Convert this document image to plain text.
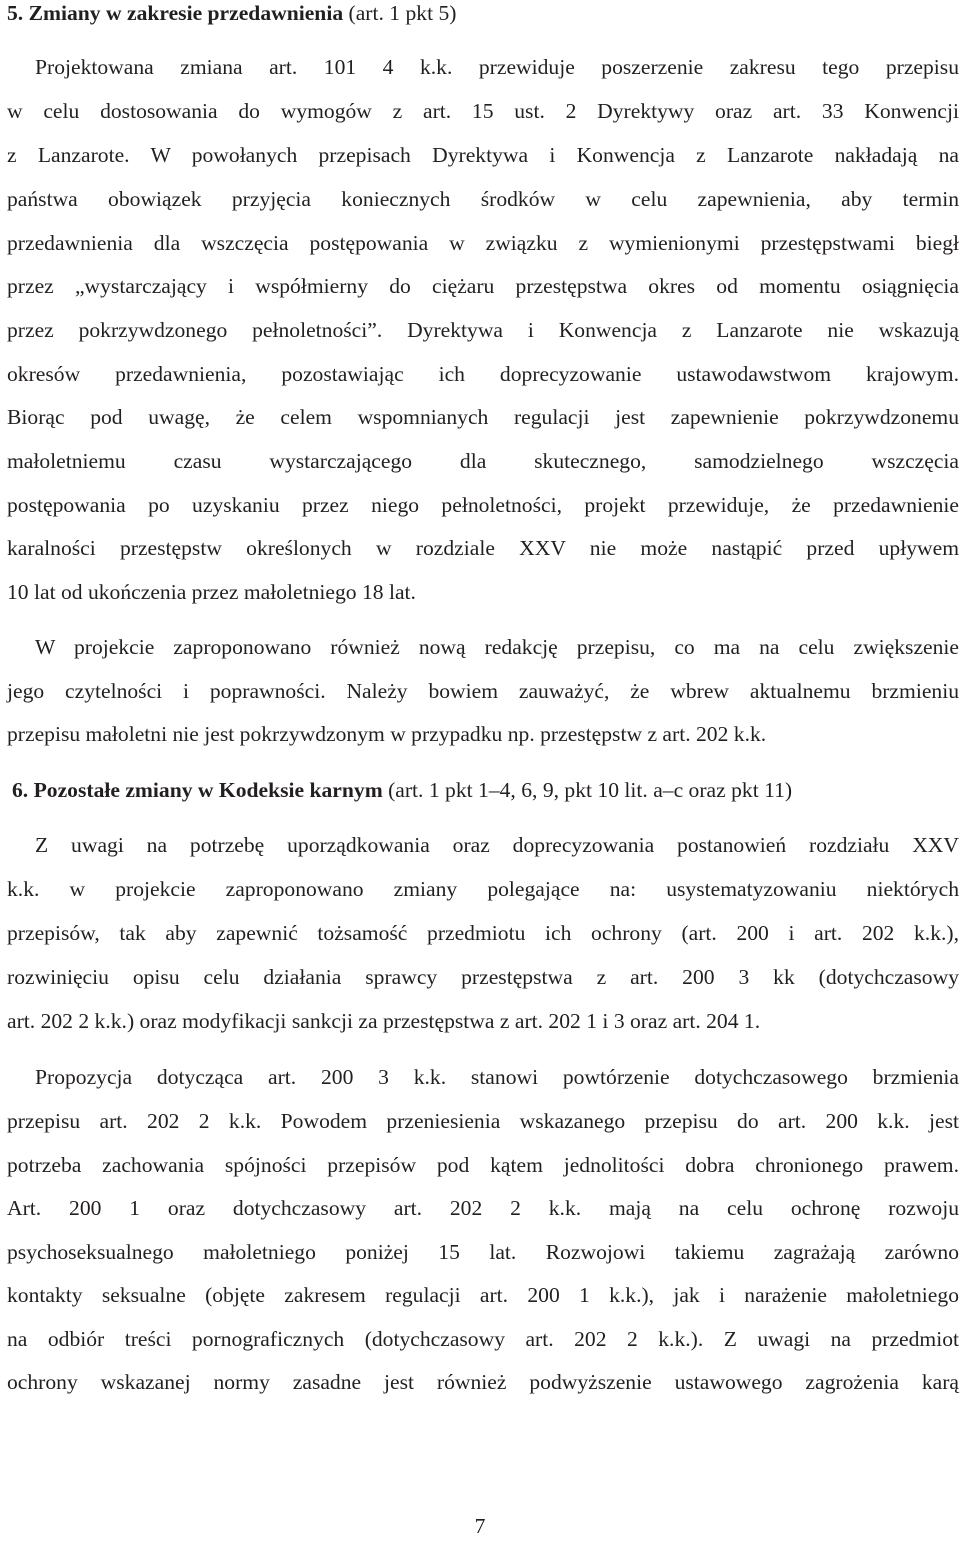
5. Zmiany w zakresie przedawnienia (art. 1 pkt 5)
Projektowana zmiana art. 101 4 k.k. przewiduje poszerzenie zakresu tego przepisu
w celu dostosowania do wymogów z art. 15 ust. 2 Dyrektywy oraz art. 33 Konwencji
z Lanzarote. W powołanych przepisach Dyrektywa i Konwencja z Lanzarote nakładają na
państwa obowiązek przyjęcia koniecznych środków w celu zapewnienia, aby termin
przedawnienia dla wszczęcia postępowania w związku z wymienionymi przestępstwami biegł
przez „wystarczający i współmierny do ciężaru przestępstwa okres od momentu osiągnięcia
przez pokrzywdzonego pełnoletności”. Dyrektywa i Konwencja z Lanzarote nie wskazują
okresów przedawnienia, pozostawiając ich doprecyzowanie ustawodawstwom krajowym.
Biorąc pod uwagę, że celem wspomnianych regulacji jest zapewnienie pokrzywdzonemu
małoletniemu czasu wystarczającego dla skutecznego, samodzielnego wszczęcia
postępowania po uzyskaniu przez niego pełnoletności, projekt przewiduje, że przedawnienie
karalności przestępstw określonych w rozdziale XXV nie może nastąpić przed upływem
10 lat od ukończenia przez małoletniego 18 lat.
W projekcie zaproponowano również nową redakcję przepisu, co ma na celu zwiększenie
jego czytelności i poprawności. Należy bowiem zauważyć, że wbrew aktualnemu brzmieniu
przepisu małoletni nie jest pokrzywdzonym w przypadku np. przestępstw z art. 202 k.k.
6. Pozostałe zmiany w Kodeksie karnym (art. 1 pkt 1–4, 6, 9, pkt 10 lit. a–c oraz pkt 11)
Z uwagi na potrzebę uporządkowania oraz doprecyzowania postanowień rozdziału XXV
k.k. w projekcie zaproponowano zmiany polegające na: usystematyzowaniu niektórych
przepisów, tak aby zapewnić tożsamość przedmiotu ich ochrony (art. 200 i art. 202 k.k.),
rozwinięciu opisu celu działania sprawcy przestępstwa z art. 200 3 kk (dotychczasowy
art. 202 2 k.k.) oraz modyfikacji sankcji za przestępstwa z art. 202 1 i 3 oraz art. 204 1.
Propozycja dotycząca art. 200 3 k.k. stanowi powtórzenie dotychczasowego brzmienia
przepisu art. 202 2 k.k. Powodem przeniesienia wskazanego przepisu do art. 200 k.k. jest
potrzeba zachowania spójności przepisów pod kątem jednolitości dobra chronionego prawem.
Art. 200 1 oraz dotychczasowy art. 202 2 k.k. mają na celu ochronę rozwoju
psychoseksualnego małoletniego poniżej 15 lat. Rozwojowi takiemu zagrażają zarówno
kontakty seksualne (objęte zakresem regulacji art. 200 1 k.k.), jak i narażenie małoletniego
na odbiór treści pornograficznych (dotychczasowy art. 202 2 k.k.). Z uwagi na przedmiot
ochrony wskazanej normy zasadne jest również podwyższenie ustawowego zagrożenia karą
7
